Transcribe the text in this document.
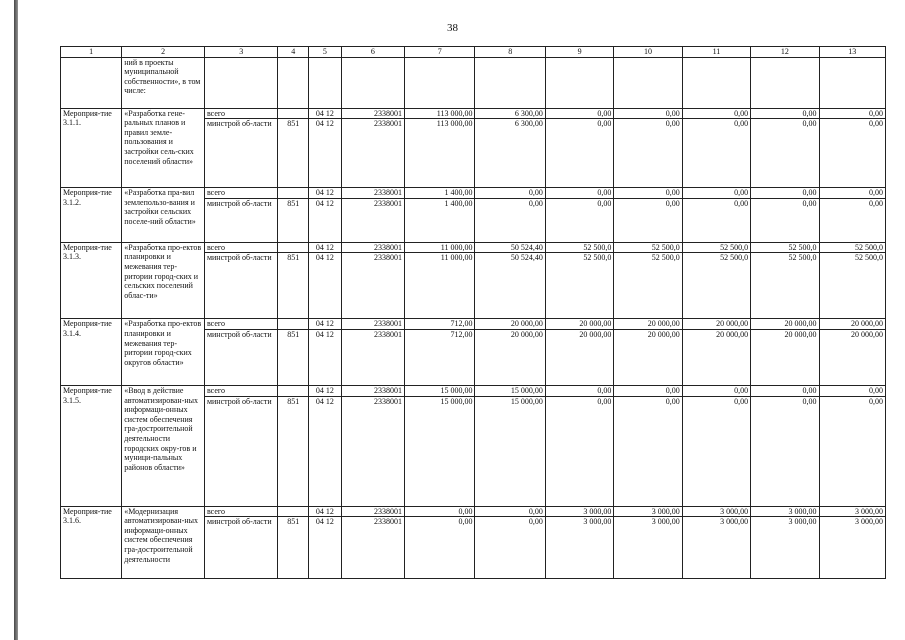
38
1	2	3	4	5	6	7	8	9	10	11	12	13
	ний в проекты муниципальной собственности», в том числе:											
Мероприя-тие 3.1.1.	«Разработка гене-ральных планов и правил земле-пользования и застройки сель-ских поселений области»	всего		04 12	2338001	113 000,00	6 300,00	0,00	0,00	0,00	0,00	0,00
		минстрой об-ласти	851	04 12	2338001	113 000,00	6 300,00	0,00	0,00	0,00	0,00	0,00
Мероприя-тие 3.1.2.	«Разработка пра-вил землепользо-вания и застройки сельских поселе-ний области»	всего		04 12	2338001	1 400,00	0,00	0,00	0,00	0,00	0,00	0,00
		минстрой об-ласти	851	04 12	2338001	1 400,00	0,00	0,00	0,00	0,00	0,00	0,00
Мероприя-тие 3.1.3.	«Разработка про-ектов планировки и межевания тер-ритории город-ских и сельских поселений облас-ти»	всего		04 12	2338001	11 000,00	50 524,40	52 500,0	52 500,0	52 500,0	52 500,0	52 500,0
		минстрой об-ласти	851	04 12	2338001	11 000,00	50 524,40	52 500,0	52 500,0	52 500,0	52 500,0	52 500,0
Мероприя-тие 3.1.4.	«Разработка про-ектов планировки и межевания тер-ритории город-ских округов области»	всего		04 12	2338001	712,00	20 000,00	20 000,00	20 000,00	20 000,00	20 000,00	20 000,00
		минстрой об-ласти	851	04 12	2338001	712,00	20 000,00	20 000,00	20 000,00	20 000,00	20 000,00	20 000,00
Мероприя-тие 3.1.5.	«Ввод в действие автоматизирован-ных информаци-онных систем обеспечения гра-достроительной деятельности городских окру-гов и муници-пальных районов области»	всего		04 12	2338001	15 000,00	15 000,00	0,00	0,00	0,00	0,00	0,00
		минстрой об-ласти	851	04 12	2338001	15 000,00	15 000,00	0,00	0,00	0,00	0,00	0,00
Мероприя-тие 3.1.6.	«Модернизация автоматизирован-ных информаци-онных систем обеспечения гра-достроительной деятельности	всего		04 12	2338001	0,00	0,00	3 000,00	3 000,00	3 000,00	3 000,00	3 000,00
		минстрой об-ласти	851	04 12	2338001	0,00	0,00	3 000,00	3 000,00	3 000,00	3 000,00	3 000,00
